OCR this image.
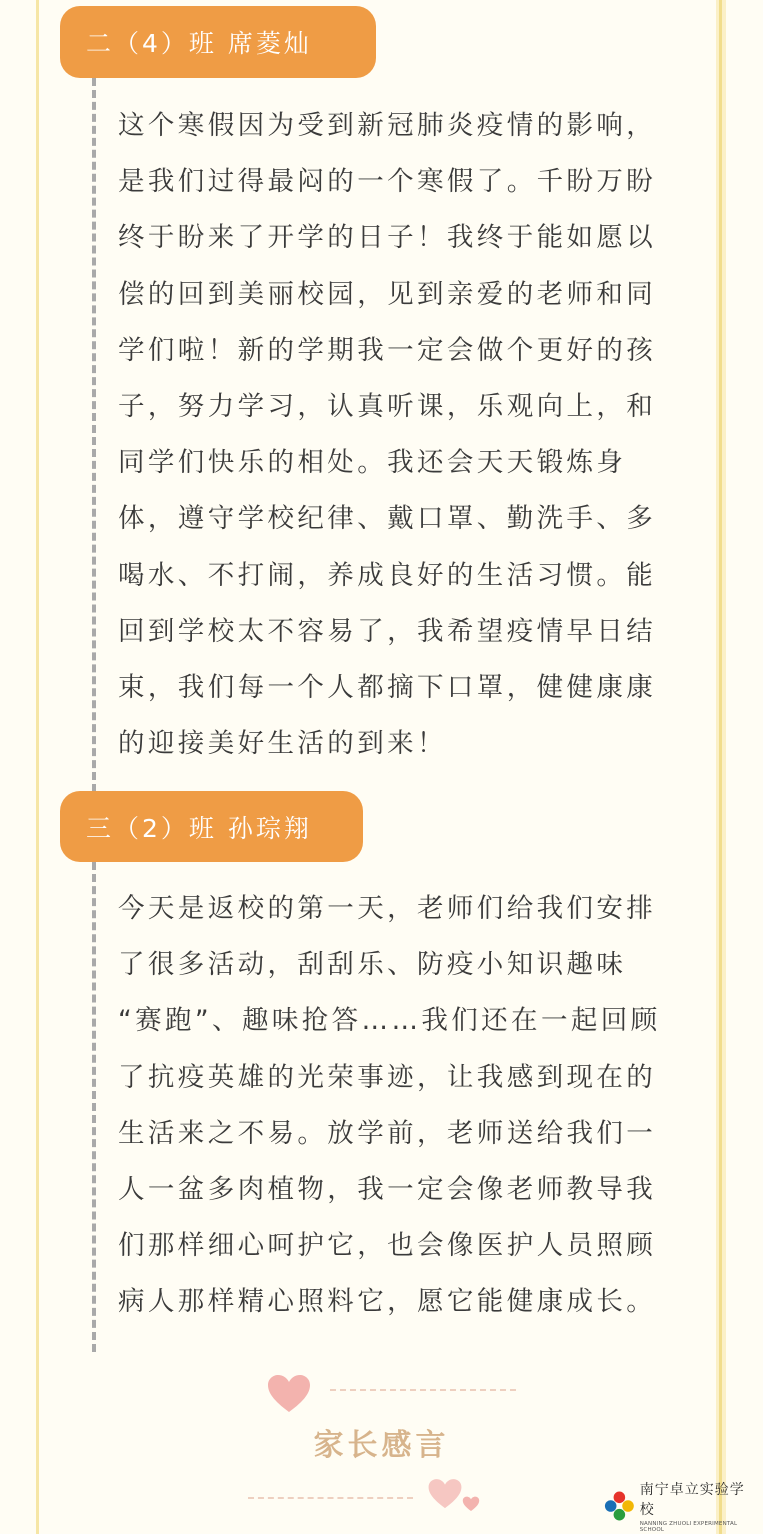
二（4）班 席菱灿
这个寒假因为受到新冠肺炎疫情的影响，
是我们过得最闷的一个寒假了。千盼万盼
终于盼来了开学的日子！我终于能如愿以
偿的回到美丽校园，见到亲爱的老师和同
学们啦！新的学期我一定会做个更好的孩
子，努力学习，认真听课，乐观向上，和
同学们快乐的相处。我还会天天锻炼身
体，遵守学校纪律、戴口罩、勤洗手、多
喝水、不打闹，养成良好的生活习惯。能
回到学校太不容易了，我希望疫情早日结
束，我们每一个人都摘下口罩，健健康康
的迎接美好生活的到来！
三（2）班 孙琮翔
今天是返校的第一天，老师们给我们安排
了很多活动，刮刮乐、防疫小知识趣味
“赛跑”、趣味抢答……我们还在一起回顾
了抗疫英雄的光荣事迹，让我感到现在的
生活来之不易。放学前，老师送给我们一
人一盆多肉植物，我一定会像老师教导我
们那样细心呵护它，也会像医护人员照顾
病人那样精心照料它，愿它能健康成长。
家长感言
南宁卓立实验学校
NANNING ZHUOLI EXPERIMENTAL SCHOOL
